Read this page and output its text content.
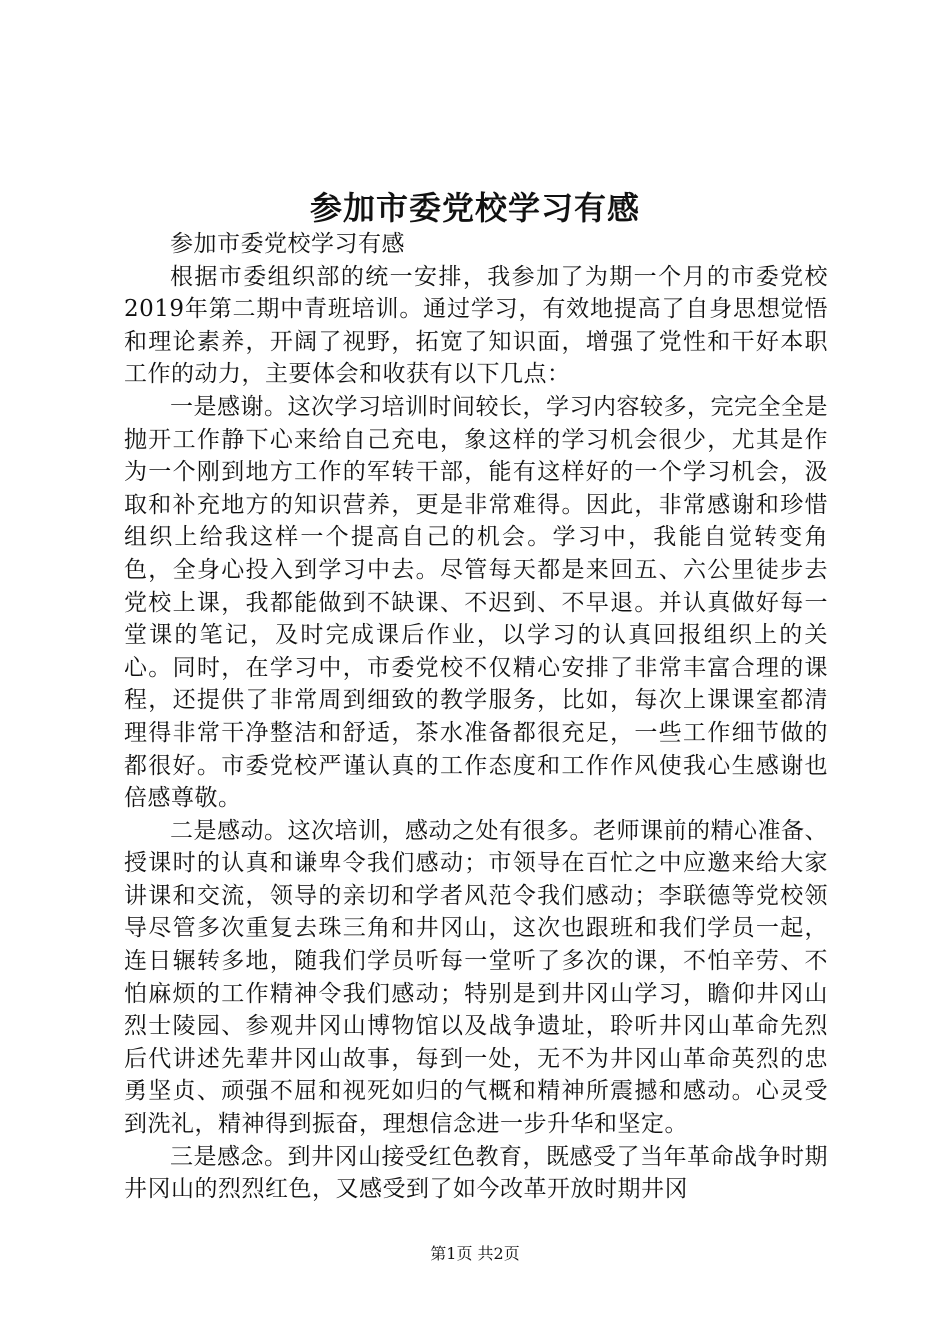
参加市委党校学习有感

参加市委党校学习有感

根据市委组织部的统一安排，我参加了为期一个月的市委党校2019年第二期中青班培训。通过学习，有效地提高了自身思想觉悟和理论素养，开阔了视野，拓宽了知识面，增强了党性和干好本职工作的动力，主要体会和收获有以下几点：

一是感谢。这次学习培训时间较长，学习内容较多，完完全全是抛开工作静下心来给自己充电，象这样的学习机会很少，尤其是作为一个刚到地方工作的军转干部，能有这样好的一个学习机会，汲取和补充地方的知识营养，更是非常难得。因此，非常感谢和珍惜组织上给我这样一个提高自己的机会。学习中，我能自觉转变角色，全身心投入到学习中去。尽管每天都是来回五、六公里徒步去党校上课，我都能做到不缺课、不迟到、不早退。并认真做好每一堂课的笔记，及时完成课后作业，以学习的认真回报组织上的关心。同时，在学习中，市委党校不仅精心安排了非常丰富合理的课程，还提供了非常周到细致的教学服务，比如，每次上课课室都清理得非常干净整洁和舒适，茶水准备都很充足，一些工作细节做的都很好。市委党校严谨认真的工作态度和工作作风使我心生感谢也倍感尊敬。

二是感动。这次培训，感动之处有很多。老师课前的精心准备、授课时的认真和谦卑令我们感动；市领导在百忙之中应邀来给大家讲课和交流，领导的亲切和学者风范令我们感动；李联德等党校领导尽管多次重复去珠三角和井冈山，这次也跟班和我们学员一起，连日辗转多地，随我们学员听每一堂听了多次的课，不怕辛劳、不怕麻烦的工作精神令我们感动；特别是到井冈山学习，瞻仰井冈山烈士陵园、参观井冈山博物馆以及战争遗址，聆听井冈山革命先烈后代讲述先辈井冈山故事，每到一处，无不为井冈山革命英烈的忠勇坚贞、顽强不屈和视死如归的气概和精神所震撼和感动。心灵受到洗礼，精神得到振奋，理想信念进一步升华和坚定。

三是感念。到井冈山接受红色教育，既感受了当年革命战争时期井冈山的烈烈红色，又感受到了如今改革开放时期井冈

第1页 共2页
